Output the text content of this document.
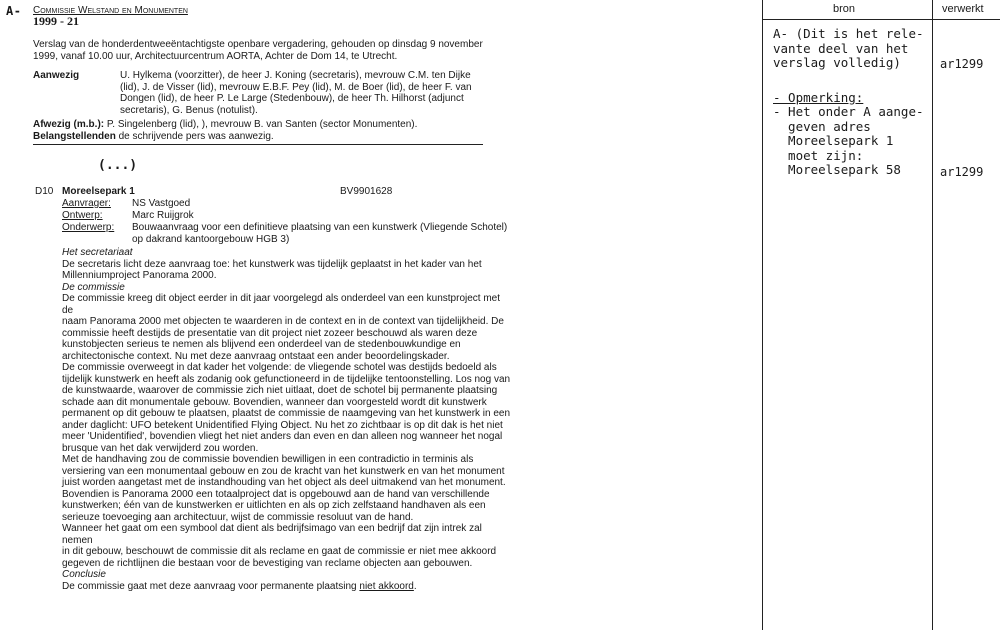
A- Commissie Welstand en Monumenten
1999 - 21
Verslag van de honderdentweeëntachtigste openbare vergadering, gehouden op dinsdag 9 november
1999, vanaf 10.00 uur, Architectuurcentrum AORTA, Achter de Dom 14, te Utrecht.
Aanwezig	U. Hylkema (voorzitter), de heer J. Koning (secretaris), mevrouw C.M. ten Dijke
(lid), J. de Visser (lid), mevrouw E.B.F. Pey (lid), M. de Boer (lid), de heer F. van
Dongen (lid), de heer P. Le Large (Stedenbouw), de heer Th. Hilhorst (adjunct
secretaris), G. Benus (notulist).
Afwezig (m.b.): P. Singelenberg (lid), ), mevrouw B. van Santen (sector Monumenten).
Belangstellenden de schrijvende pers was aanwezig.
(...)
D10 Moreelsepark 1	BV9901628
Aanvrager: NS Vastgoed
Ontwerp:	Marc Ruijgrok
Onderwerp: Bouwaanvraag voor een definitieve plaatsing van een kunstwerk (Vliegende Schotel)
op dakrand kantoorgebouw HGB 3)
Het secretariaat
De secretaris licht deze aanvraag toe: het kunstwerk was tijdelijk geplaatst in het kader van het
Millenniumproject Panorama 2000.
De commissie
De commissie kreeg dit object eerder in dit jaar voorgelegd als onderdeel van een kunstproject met de
naam Panorama 2000 met objecten te waarderen in de context en in de context van tijdelijkheid. De
commissie heeft destijds de presentatie van dit project niet zozeer beschouwd als waren deze
kunstobjecten serieus te nemen als blijvend een onderdeel van de stedenbouwkundige en
architectonische context. Nu met deze aanvraag ontstaat een ander beoordelingskader.
De commissie overweegt in dat kader het volgende: de vliegende schotel was destijds bedoeld als
tijdelijk kunstwerk en heeft als zodanig ook gefunctioneerd in de tijdelijke tentoonstelling. Los nog van
de kunstwaarde, waarover de commissie zich niet uitlaat, doet de schotel bij permanente plaatsing
schade aan dit monumentale gebouw. Bovendien, wanneer dan voorgesteld wordt dit kunstwerk
permanent op dit gebouw te plaatsen, plaatst de commissie de naamgeving van het kunstwerk in een
ander daglicht: UFO betekent Unidentified Flying Object. Nu het zo zichtbaar is op dit dak is het niet
meer 'Unidentified', bovendien vliegt het niet anders dan even en dan alleen nog wanneer het nogal
brusque van het dak verwijderd zou worden.
Met de handhaving zou de commissie bovendien bewilligen in een contradictio in terminis als
versiering van een monumentaal gebouw en zou de kracht van het kunstwerk en van het monument
juist worden aangetast met de instandhouding van het object als deel uitmakend van het monument.
Bovendien is Panorama 2000 een totaalproject dat is opgebouwd aan de hand van verschillende
kunstwerken; één van de kunstwerken er uitlichten en als op zich zelfstaand handhaven als een
serieuze toevoeging aan architectuur, wijst de commissie resoluut van de hand.
Wanneer het gaat om een symbool dat dient als bedrijfsimago van een bedrijf dat zijn intrek zal nemen
in dit gebouw, beschouwt de commissie dit als reclame en gaat de commissie er niet mee akkoord
gegeven de richtlijnen die bestaan voor de bevestiging van reclame objecten aan gebouwen.
Conclusie

De commissie gaat met deze aanvraag voor permanente plaatsing niet akkoord.

bron	verwerkt
A- (Dit is het rele-
vante deel van het
verslag volledig)	ar1299
- Opmerking:
- Het onder A aange-
geven adres
Moreelsepark 1
moet zijn:
Moreelsepark 58	ar1299
